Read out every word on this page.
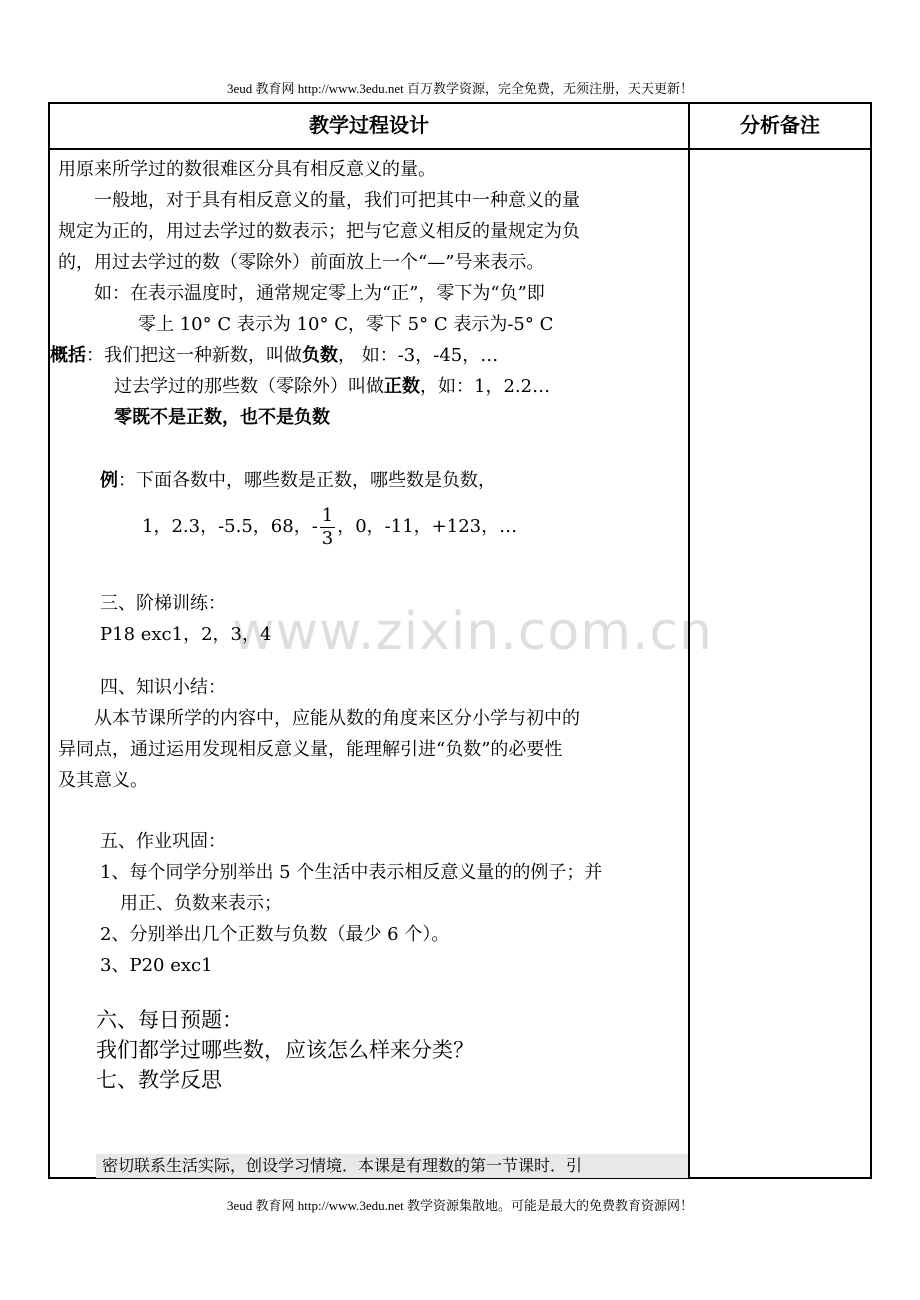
3eud 教育网 http://www.3edu.net 百万教学资源，完全免费，无须注册，天天更新！
教学过程设计	分析备注
用原来所学过的数很难区分具有相反意义的量。
一般地，对于具有相反意义的量，我们可把其中一种意义的量
规定为正的，用过去学过的数表示；把与它意义相反的量规定为负
的，用过去学过的数（零除外）前面放上一个“—”号来表示。
如：在表示温度时，通常规定零上为“正”，零下为“负”即
零上 10° C 表示为 10° C，零下 5° C 表示为-5° C
概括：我们把这一种新数，叫做负数， 如：-3，-45，…
过去学过的那些数（零除外）叫做正数，如：1，2.2…
零既不是正数，也不是负数
例：下面各数中，哪些数是正数，哪些数是负数，
1，2.3，-5.5，68，- $\frac{1}{3}$ ，0，-11，+123，…
三、阶梯训练：
P18 exc1，2，3，4
四、知识小结：
从本节课所学的内容中，应能从数的角度来区分小学与初中的
异同点，通过运用发现相反意义量，能理解引进“负数”的必要性
及其意义。
五、作业巩固：
1、每个同学分别举出 5 个生活中表示相反意义量的的例子；并
用正、负数来表示；
2、分别举出几个正数与负数（最少 6 个）。
3、P20 exc1
六、每日预题：
我们都学过哪些数，应该怎么样来分类？
七、教学反思
密切联系生活实际，创设学习情境．本课是有理数的第一节课时．引
www.zixin.com.cn
3eud 教育网 http://www.3edu.net 教学资源集散地。可能是最大的免费教育资源网！
